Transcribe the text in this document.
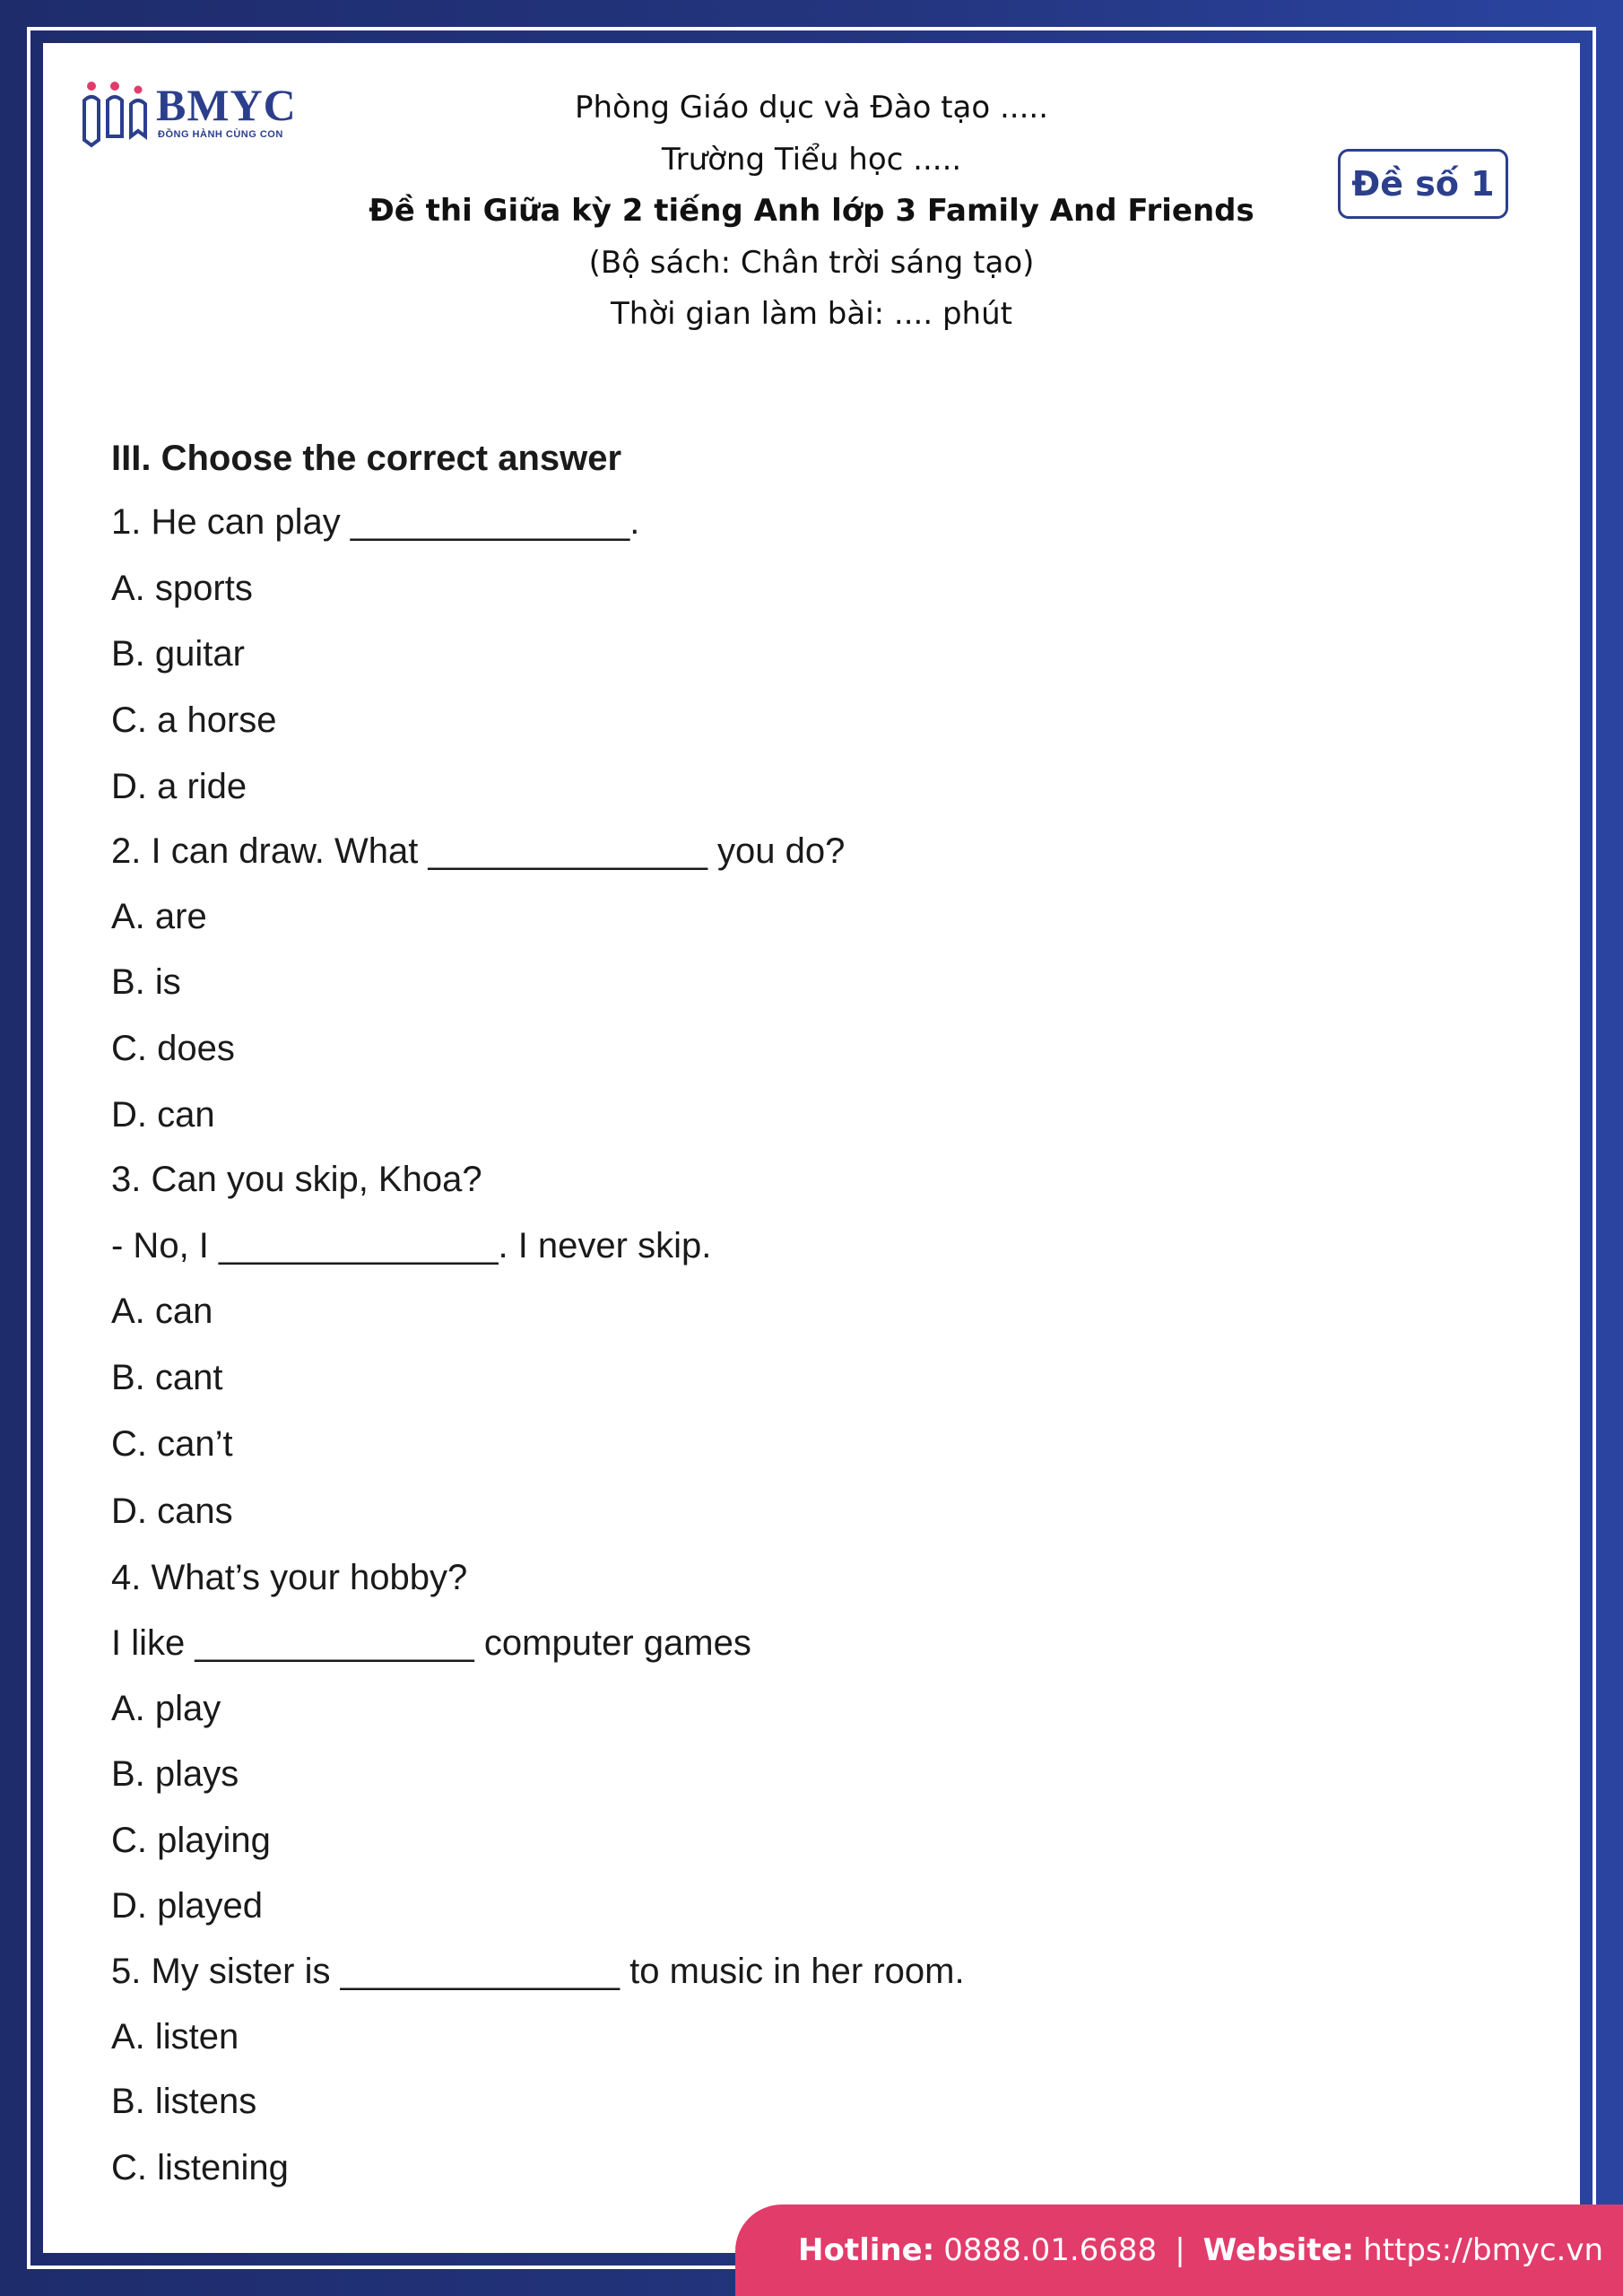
BMYC
ĐỒNG HÀNH CÙNG CON
Phòng Giáo dục và Đào tạo .....
Trường Tiểu học .....
Đề thi Giữa kỳ 2 tiếng Anh lớp 3 Family And Friends
(Bộ sách: Chân trời sáng tạo)
Thời gian làm bài: .... phút
Đề số 1
III. Choose the correct answer
1. He can play ______________.
A. sports
B. guitar
C. a horse
D. a ride
2. I can draw. What ______________ you do?
A. are
B. is
C. does
D. can
3. Can you skip, Khoa?
- No, I ______________. I never skip.
A. can
B. cant
C. can’t
D. cans
4. What’s your hobby?
I like ______________ computer games
A. play
B. plays
C. playing
D. played
5. My sister is ______________ to music in her room.
A. listen
B. listens
C. listening
Hotline: 0888.01.6688 | Website: https://bmyc.vn
